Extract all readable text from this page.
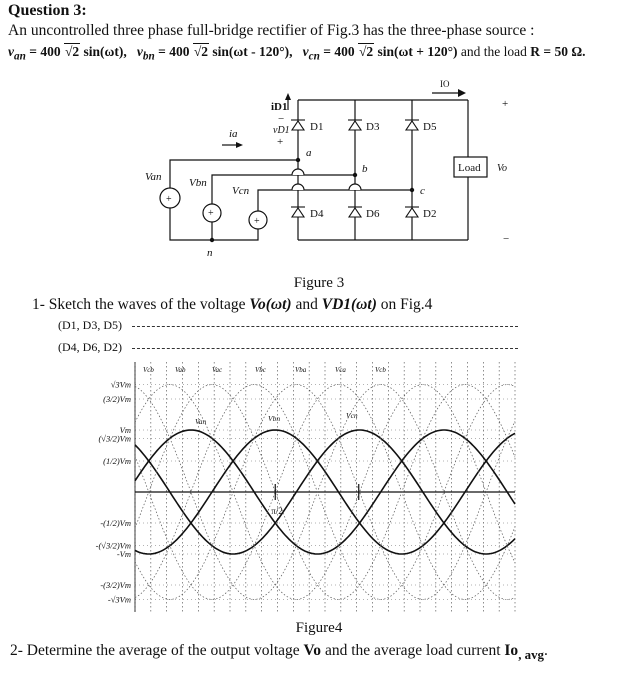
Question 3:
An uncontrolled three phase full-bridge rectifier of Fig.3 has the three-phase source :
$v_{an} = 400$ √2 sin(ωt), $v_{bn} = 400$ √2 sin(ωt - 120°), $v_{cn} = 400$ √2 sin(ωt + 120°) and the load R = 50 Ω.
IO
iD1
vD1
−
+
ia
D1	D3	D5
D4	D6	D2
a
b
c
n
Van	Vbn
Vcn
Load Vo
+
−
+
+
+
Figure 3
1- Sketch the waves of the voltage Vo(ωt) and VD1(ωt) on Fig.4
(D1, D3, D5)
(D4, D6, D2)
π/2
√3Vm
(3/2)Vm
Vm
(√3/2)Vm
(1/2)Vm
-(1/2)Vm
-(√3/2)Vm
-Vm
-(3/2)Vm
-√3Vm
Vcb	Vab	Vac	Vbc	Vba	Vca	Vcb
Van	Vbn	Vcn
Figure4
2- Determine the average of the output voltage Vo and the average load current $Io_{, avg}$.
